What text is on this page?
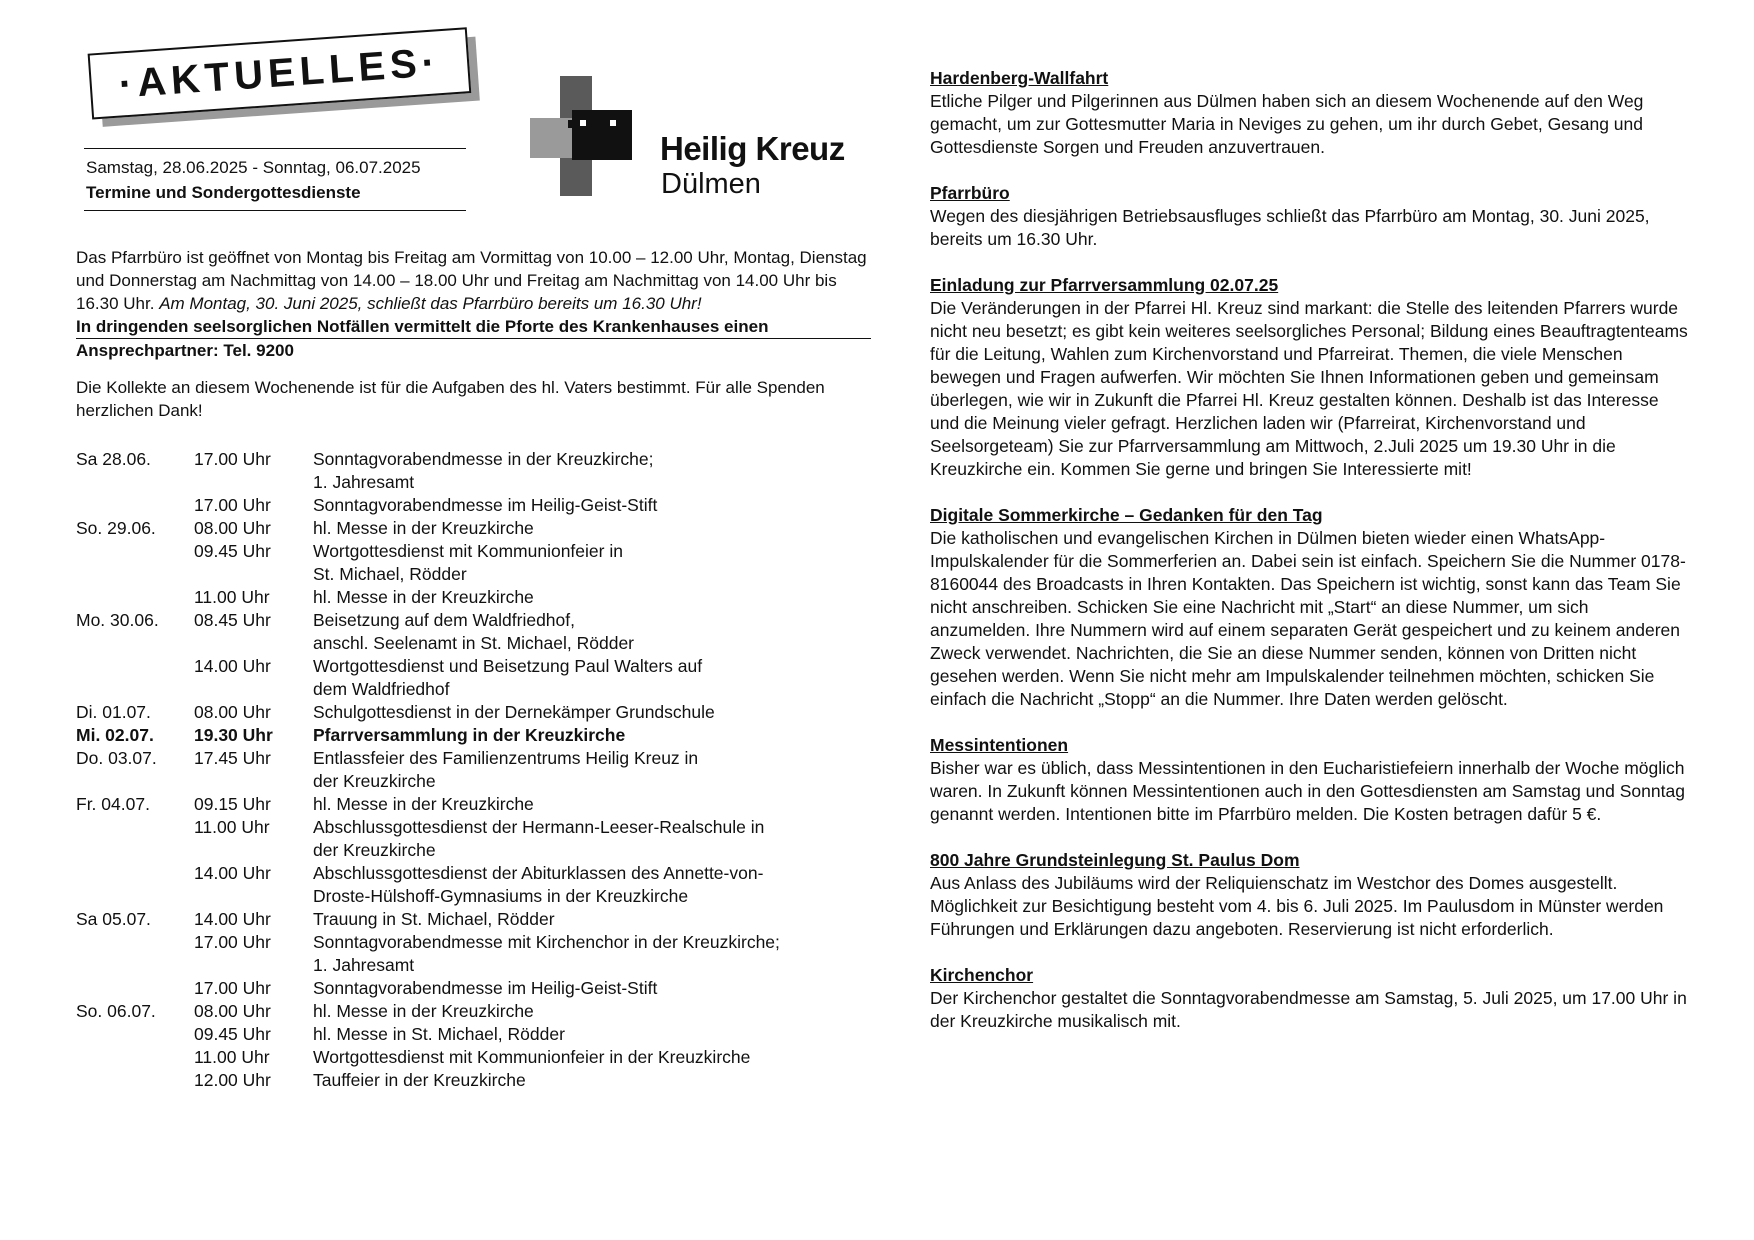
·AKTUELLES·
Samstag, 28.06.2025 - Sonntag, 06.07.2025
Termine und Sondergottesdienste
Heilig Kreuz
Dülmen

Das Pfarrbüro ist geöffnet von Montag bis Freitag am Vormittag von 10.00 – 12.00 Uhr, Montag, Dienstag und Donnerstag am Nachmittag von 14.00 – 18.00 Uhr und Freitag am Nachmittag von 14.00 Uhr bis 16.30 Uhr. Am Montag, 30. Juni 2025, schließt das Pfarrbüro bereits um 16.30 Uhr!

In dringenden seelsorglichen Notfällen vermittelt die Pforte des Krankenhauses einen
Ansprechpartner: Tel. 9200

Die Kollekte an diesem Wochenende ist für die Aufgaben des hl. Vaters bestimmt. Für alle Spenden herzlichen Dank!

Sa 28.06.	17.00 Uhr	Sonntagvorabendmesse in der Kreuzkirche;
1. Jahresamt

	17.00 Uhr	Sonntagvorabendmesse im Heilig-Geist-Stift

So. 29.06.	08.00 Uhr	hl. Messe in der Kreuzkirche

	09.45 Uhr	Wortgottesdienst mit Kommunionfeier in
St. Michael, Rödder

	11.00 Uhr	hl. Messe in der Kreuzkirche

Mo. 30.06.	08.45 Uhr	Beisetzung auf dem Waldfriedhof,
anschl. Seelenamt in St. Michael, Rödder

	14.00 Uhr	Wortgottesdienst und Beisetzung Paul Walters auf
dem Waldfriedhof

Di. 01.07.	08.00 Uhr	Schulgottesdienst in der Dernekämper Grundschule

Mi. 02.07.	19.30 Uhr	Pfarrversammlung in der Kreuzkirche

Do. 03.07.	17.45 Uhr	Entlassfeier des Familienzentrums Heilig Kreuz in
der Kreuzkirche

Fr. 04.07.	09.15 Uhr	hl. Messe in der Kreuzkirche

	11.00 Uhr	Abschlussgottesdienst der Hermann-Leeser-Realschule in
der Kreuzkirche

	14.00 Uhr	Abschlussgottesdienst der Abiturklassen des Annette-von-
Droste-Hülshoff-Gymnasiums in der Kreuzkirche

Sa 05.07.	14.00 Uhr	Trauung in St. Michael, Rödder

	17.00 Uhr	Sonntagvorabendmesse mit Kirchenchor in der Kreuzkirche;
1. Jahresamt

	17.00 Uhr	Sonntagvorabendmesse im Heilig-Geist-Stift

So. 06.07.	08.00 Uhr	hl. Messe in der Kreuzkirche

	09.45 Uhr	hl. Messe in St. Michael, Rödder

	11.00 Uhr	Wortgottesdienst mit Kommunionfeier in der Kreuzkirche

	12.00 Uhr	Tauffeier in der Kreuzkirche
Hardenberg-Wallfahrt

Etliche Pilger und Pilgerinnen aus Dülmen haben sich an diesem Wochenende auf den Weg gemacht, um zur Gottesmutter Maria in Neviges zu gehen, um ihr durch Gebet, Gesang und Gottesdienste Sorgen und Freuden anzuvertrauen.

Pfarrbüro

Wegen des diesjährigen Betriebsausfluges schließt das Pfarrbüro am Montag, 30. Juni 2025, bereits um 16.30 Uhr.

Einladung zur Pfarrversammlung 02.07.25

Die Veränderungen in der Pfarrei Hl. Kreuz sind markant: die Stelle des leitenden Pfarrers wurde nicht neu besetzt; es gibt kein weiteres seelsorgliches Personal; Bildung eines Beauftragtenteams für die Leitung, Wahlen zum Kirchenvorstand und Pfarreirat. Themen, die viele Menschen bewegen und Fragen aufwerfen. Wir möchten Sie Ihnen Informationen geben und gemeinsam überlegen, wie wir in Zukunft die Pfarrei Hl. Kreuz gestalten können. Deshalb ist das Interesse und die Meinung vieler gefragt. Herzlichen laden wir (Pfarreirat, Kirchenvorstand und Seelsorgeteam) Sie zur Pfarrversammlung am Mittwoch, 2.Juli 2025 um 19.30 Uhr in die Kreuzkirche ein. Kommen Sie gerne und bringen Sie Interessierte mit!

Digitale Sommerkirche – Gedanken für den Tag

Die katholischen und evangelischen Kirchen in Dülmen bieten wieder einen WhatsApp-Impulskalender für die Sommerferien an. Dabei sein ist einfach. Speichern Sie die Nummer 0178-8160044 des Broadcasts in Ihren Kontakten. Das Speichern ist wichtig, sonst kann das Team Sie nicht anschreiben. Schicken Sie eine Nachricht mit „Start“ an diese Nummer, um sich anzumelden. Ihre Nummern wird auf einem separaten Gerät gespeichert und zu keinem anderen Zweck verwendet. Nachrichten, die Sie an diese Nummer senden, können von Dritten nicht gesehen werden. Wenn Sie nicht mehr am Impulskalender teilnehmen möchten, schicken Sie einfach die Nachricht „Stopp“ an die Nummer. Ihre Daten werden gelöscht.

Messintentionen

Bisher war es üblich, dass Messintentionen in den Eucharistiefeiern innerhalb der Woche möglich waren. In Zukunft können Messintentionen auch in den Gottesdiensten am Samstag und Sonntag genannt werden. Intentionen bitte im Pfarrbüro melden. Die Kosten betragen dafür 5 €.

800 Jahre Grundsteinlegung St. Paulus Dom

Aus Anlass des Jubiläums wird der Reliquienschatz im Westchor des Domes ausgestellt. Möglichkeit zur Besichtigung besteht vom 4. bis 6. Juli 2025. Im Paulusdom in Münster werden Führungen und Erklärungen dazu angeboten. Reservierung ist nicht erforderlich.

Kirchenchor

Der Kirchenchor gestaltet die Sonntagvorabendmesse am Samstag, 5. Juli 2025, um 17.00 Uhr in der Kreuzkirche musikalisch mit.
